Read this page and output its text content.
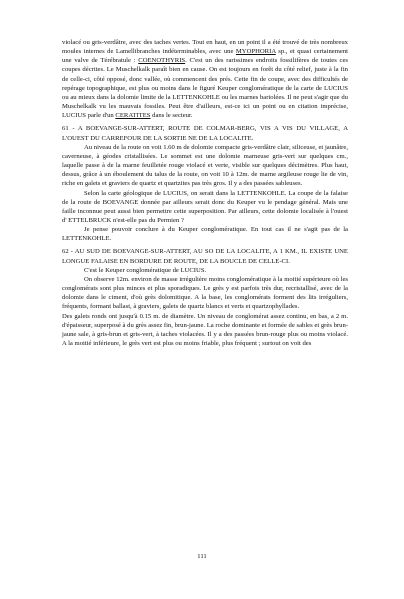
violacé ou gris-verdâtre, avec des taches vertes. Tout en haut, en un point il a été trouvé de très nombreux moules internes de Lamellibranches indéterminables, avec une MYOPHORIA sp., et quasi certainement une valve de Térébratule : COENOTHYRIS. C'est un des rarissimes endroits fossilifères de toutes ces coupes décrites. Le Muschelkalk paraît bien en cause. On est toujours en forêt du côté relief, juste à la fin de celle-ci, côté opposé, donc vallée, où commencent des prés. Cette fin de coupe, avec des difficultés de repérage topographique, est plus ou moins dans le figuré Keuper conglomératique de la carte de LUCIUS ou au mieux dans la dolomie limite de la LETTENKOHLE ou les marnes bariolées. Il ne peut s'agir que du Muschelkalk vu les mauvais fossiles. Peut être d'ailleurs, est-ce ici un point ou en citation imprécise, LUCIUS parle d'un CERATITES dans le secteur.

61 - A BOEVANGE-SUR-ATTERT, ROUTE DE COLMAR-BERG, VIS A VIS DU VILLAGE, A L'OUEST DU CARREFOUR DE LA SORTIE NE DE LA LOCALITE.

Au niveau de la route on voit 1.60 m de dolomie compacte gris-verdâtre clair, siliceuse, et jaunâtre, caverneuse, à géodes cristallisées. Le sommet est une dolomie marneuse gris-vert sur quelques cm., laquelle passe à de la marne feuilletée rouge violacé et verte, visible sur quelques décimètres. Plus haut, dessus, grâce à un éboulement du talus de la route, on voit 10 à 12m. de marne argileuse rouge lie de vin, riche en galets et graviers de quartz et quartzites pas très gros. Il y a des passées sableuses.

Selon la carte géologique de LUCIUS, on serait dans la LETTENKOHLE. La coupe de la falaise de la route de BOEVANGE donnée par ailleurs serait donc du Keuper vu le pendage général. Mais une faille inconnue peut aussi bien permettre cette superposition. Par ailleurs, cette dolomie localisée à l'ouest d' ETTELBRUCK n'est-elle pas du Permien ?

Je pense pouvoir conclure à du Keuper conglomératique. En tout cas il ne s'agit pas de la LETTENKOHLE.

62 - AU SUD DE BOEVANGE-SUR-ATTERT, AU SO DE LA LOCALITE, A 1 KM., IL EXISTE UNE LONGUE FALAISE EN BORDURE DE ROUTE, DE LA BOUCLE DE CELLE-CI.

C'est le Keuper conglomératique de LUCIUS.

On observe 12m. environ de masse irrégulière moins conglomératique à la moitié supérieure où les conglomérats sont plus minces et plus sporadiques. Le grès y est parfois très dur, recristallisé, avec de la dolomie dans le ciment, d'où grès dolomitique. A la base, les conglomérats forment des lits irréguliers, fréquents, formant ballast, à graviers, galets de quartz blancs et verts et quartzophyllades.

Des galets ronds ont jusqu'à 0.15 m. de diamètre. Un niveau de conglomérat assez continu, en bas, a 2 m. d'épaisseur, superposé à du grès assez fin, brun-jaune. La roche dominante et formée de sables et grès brun-jaune sale, à gris-brun et gris-vert, à taches violacées. Il y a des passées brun-rouge plus ou moins violacé. A la moitié inférieure, le grès vert est plus ou moins friable, plus fréquent ; surtout on voit des

111
